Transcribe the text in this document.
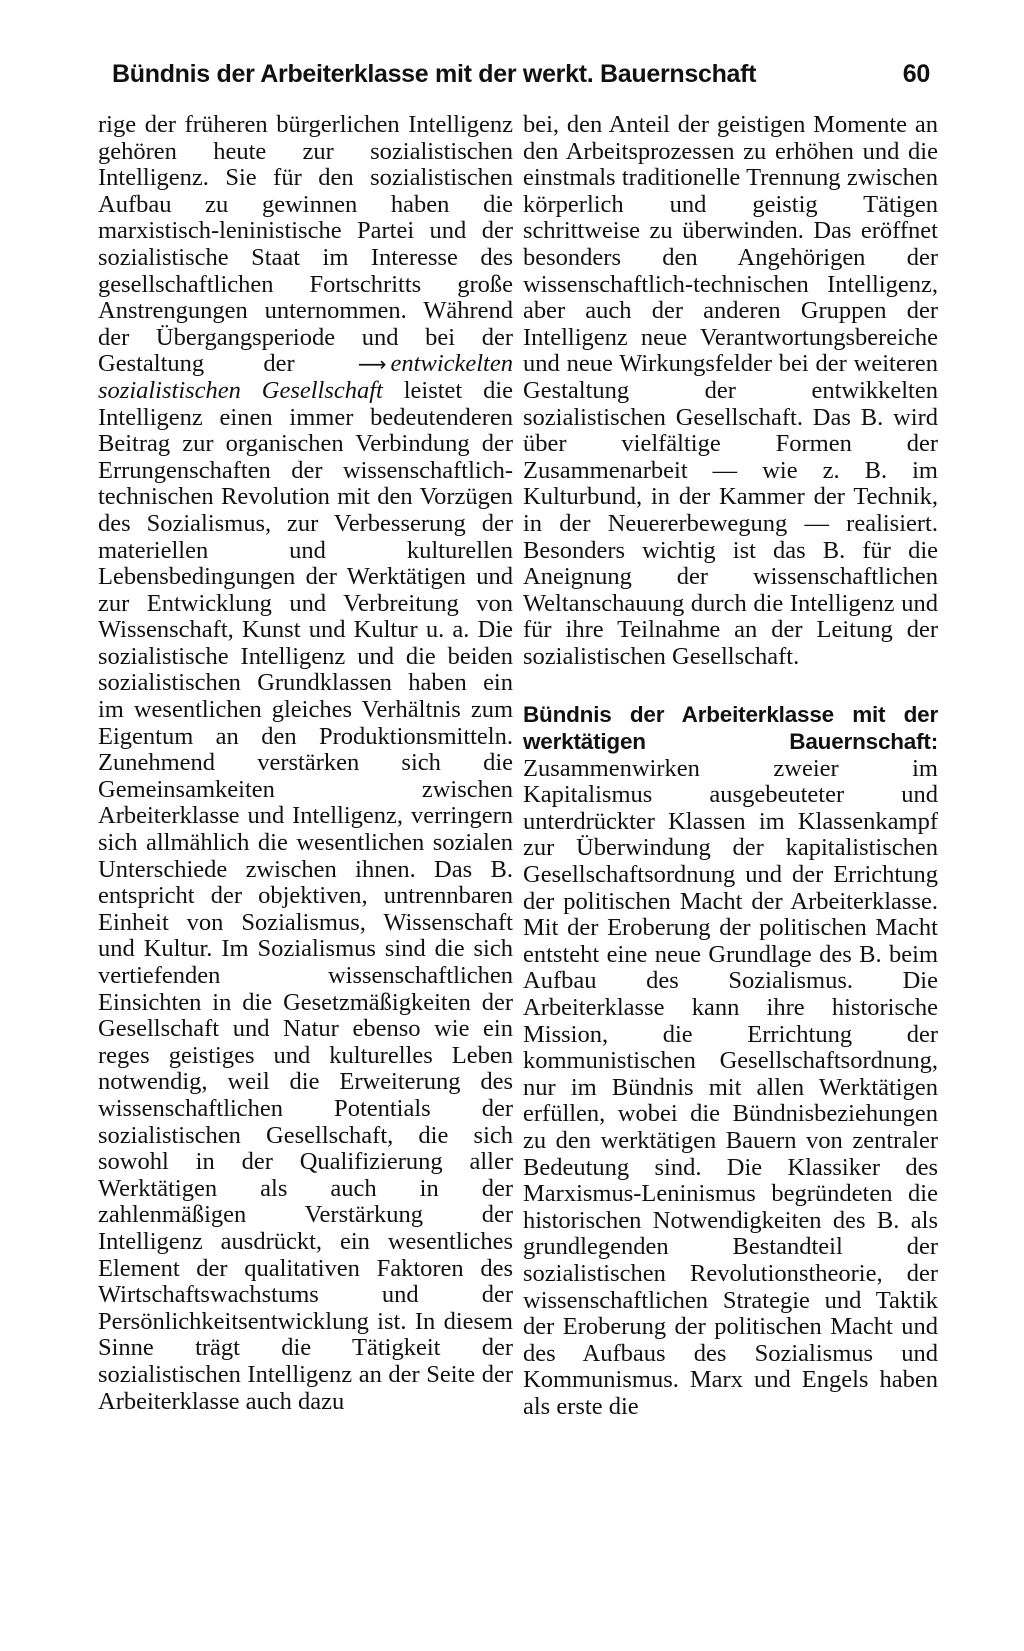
Bündnis der Arbeiterklasse mit der werkt. Bauernschaft	60

rige der früheren bürgerlichen Intelligenz gehören heute zur sozialistischen Intelligenz. Sie für den sozialistischen Aufbau zu gewinnen haben die marxistisch-leninistische Partei und der sozialistische Staat im Interesse des gesellschaftlichen Fortschritts große Anstrengungen unternommen. Während der Übergangsperiode und bei der Gestaltung der	⟶ entwickelten sozialistischen Gesellschaft leistet die Intelligenz einen immer bedeutenderen Beitrag zur organischen Verbindung der Errungenschaften der wissenschaftlich-technischen Revolution mit den Vorzügen des Sozialismus, zur Verbesserung der materiellen und kulturellen Lebensbedingungen der Werktätigen und zur Entwicklung und Verbreitung von Wissenschaft, Kunst und Kultur u. a. Die sozialistische Intelligenz und die beiden sozialistischen Grundklassen haben ein im wesentlichen gleiches Verhältnis zum Eigentum an den Produktionsmitteln. Zunehmend verstärken sich die Gemeinsamkeiten zwischen Arbeiterklasse und Intelligenz, verringern sich allmählich die wesentlichen sozialen Unterschiede zwischen ihnen. Das B. entspricht der objektiven, untrennbaren Einheit von Sozialismus, Wissenschaft und Kultur. Im Sozialismus sind die sich vertiefenden wissenschaftlichen Einsichten in die Gesetzmäßigkeiten der Gesellschaft und Natur ebenso wie ein reges geistiges und kulturelles Leben notwendig, weil die Erweiterung des wissenschaftlichen Potentials der sozialistischen Gesellschaft, die sich sowohl in der Qualifizierung aller Werktätigen als auch in der zahlenmäßigen Verstärkung der Intelligenz ausdrückt, ein wesentliches Element der qualitativen Faktoren des Wirtschaftswachstums und der Persönlichkeitsentwicklung ist. In diesem Sinne trägt die Tätigkeit der sozialistischen Intelligenz an der Seite der Arbeiterklasse auch dazu

bei, den Anteil der geistigen Momente an den Arbeitsprozessen zu erhöhen und die einstmals traditionelle Trennung zwischen körperlich und geistig Tätigen schrittweise zu überwinden. Das eröffnet besonders den Angehörigen der wissenschaftlich-technischen Intelligenz, aber auch der anderen Gruppen der Intelligenz neue Verantwortungsbereiche und neue Wirkungsfelder bei der weiteren Gestaltung der entwikkelten sozialistischen Gesellschaft. Das B. wird über vielfältige Formen der Zusammenarbeit — wie z. B. im Kulturbund, in der Kammer der Technik, in der Neuererbewegung — realisiert. Besonders wichtig ist das B. für die Aneignung der wissenschaftlichen Weltanschauung durch die Intelligenz und für ihre Teilnahme an der Leitung der sozialistischen Gesellschaft.

Bündnis der Arbeiterklasse mit der werktätigen Bauernschaft: Zusammenwirken zweier im Kapitalismus ausgebeuteter und unterdrückter Klassen im Klassenkampf zur Überwindung der kapitalistischen Gesellschaftsordnung und der Errichtung der politischen Macht der Arbeiterklasse. Mit der Eroberung der politischen Macht entsteht eine neue Grundlage des B. beim Aufbau des Sozialismus. Die Arbeiterklasse kann ihre historische Mission, die Errichtung der kommunistischen Gesellschaftsordnung, nur im Bündnis mit allen Werktätigen erfüllen, wobei die Bündnisbeziehungen zu den werktätigen Bauern von zentraler Bedeutung sind. Die Klassiker des Marxismus-Leninismus begründeten die historischen Notwendigkeiten des B. als grundlegenden Bestandteil der sozialistischen Revolutionstheorie, der wissenschaftlichen Strategie und Taktik der Eroberung der politischen Macht und des Aufbaus des Sozialismus und Kommunismus. Marx und Engels haben als erste die
